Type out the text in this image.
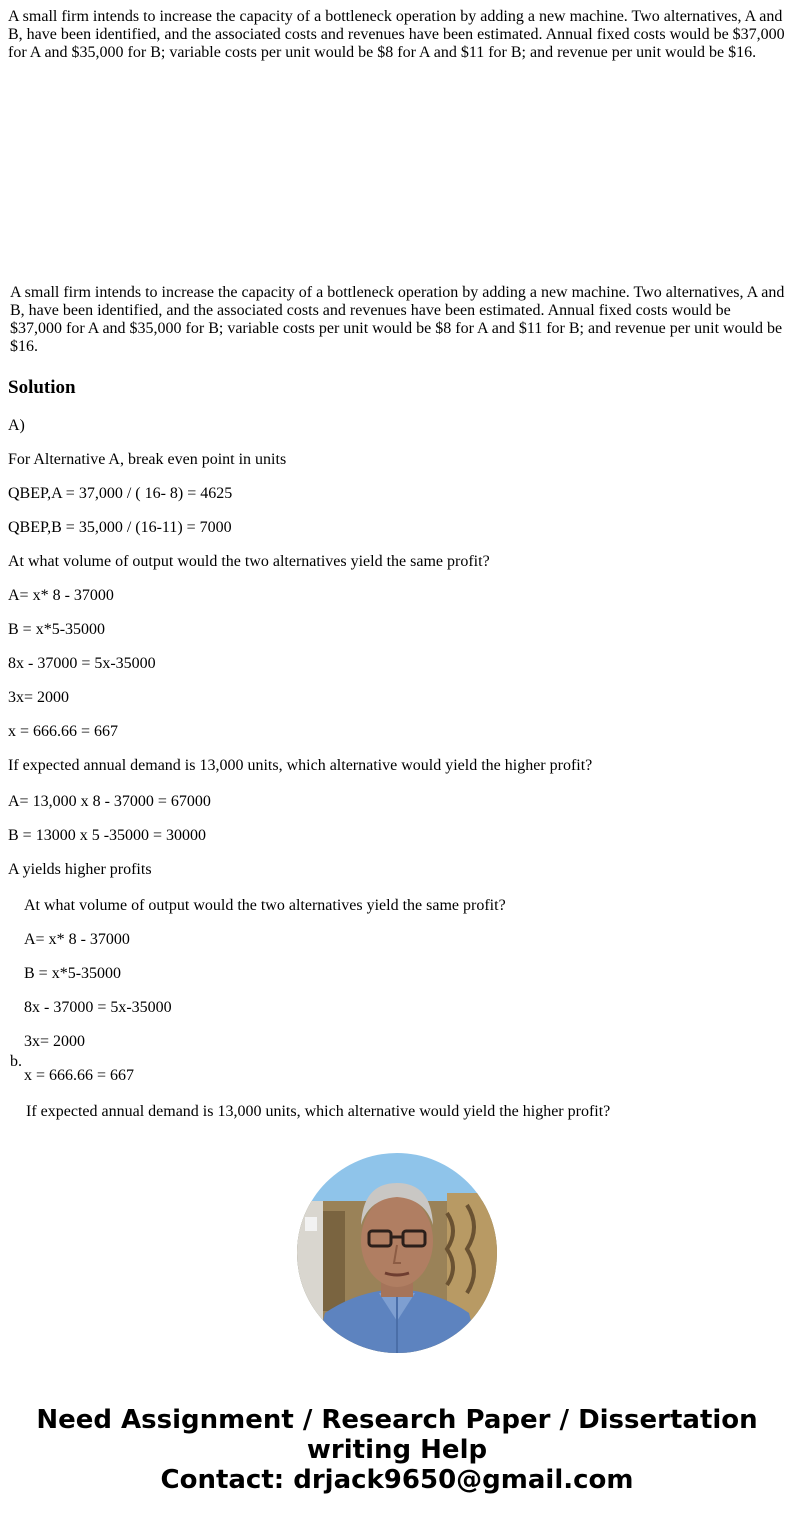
A small firm intends to increase the capacity of a bottleneck operation by adding a new machine. Two alternatives, A and B, have been identified, and the associated costs and revenues have been estimated. Annual fixed costs would be $37,000 for A and $35,000 for B; variable costs per unit would be $8 for A and $11 for B; and revenue per unit would be $16.
A small firm intends to increase the capacity of a bottleneck operation by adding a new machine. Two alternatives, A and B, have been identified, and the associated costs and revenues have been estimated. Annual fixed costs would be $37,000 for A and $35,000 for B; variable costs per unit would be $8 for A and $11 for B; and revenue per unit would be $16.
Solution
A)
For Alternative A, break even point in units
QBEP,A = 37,000 / ( 16- 8) = 4625
QBEP,B = 35,000 / (16-11) = 7000
At what volume of output would the two alternatives yield the same profit?
A= x* 8 - 37000
B = x*5-35000
8x - 37000 = 5x-35000
3x= 2000
x = 666.66 = 667
If expected annual demand is 13,000 units, which alternative would yield the higher profit?
A= 13,000 x 8 - 37000 = 67000
B = 13000 x 5 -35000 = 30000
A yields higher profits
b.
At what volume of output would the two alternatives yield the same profit?
A= x* 8 - 37000
B = x*5-35000
8x - 37000 = 5x-35000
3x= 2000
x = 666.66 = 667
If expected annual demand is 13,000 units, which alternative would yield the higher profit?
Need Assignment / Research Paper / Dissertation
writing Help
Contact: drjack9650@gmail.com
